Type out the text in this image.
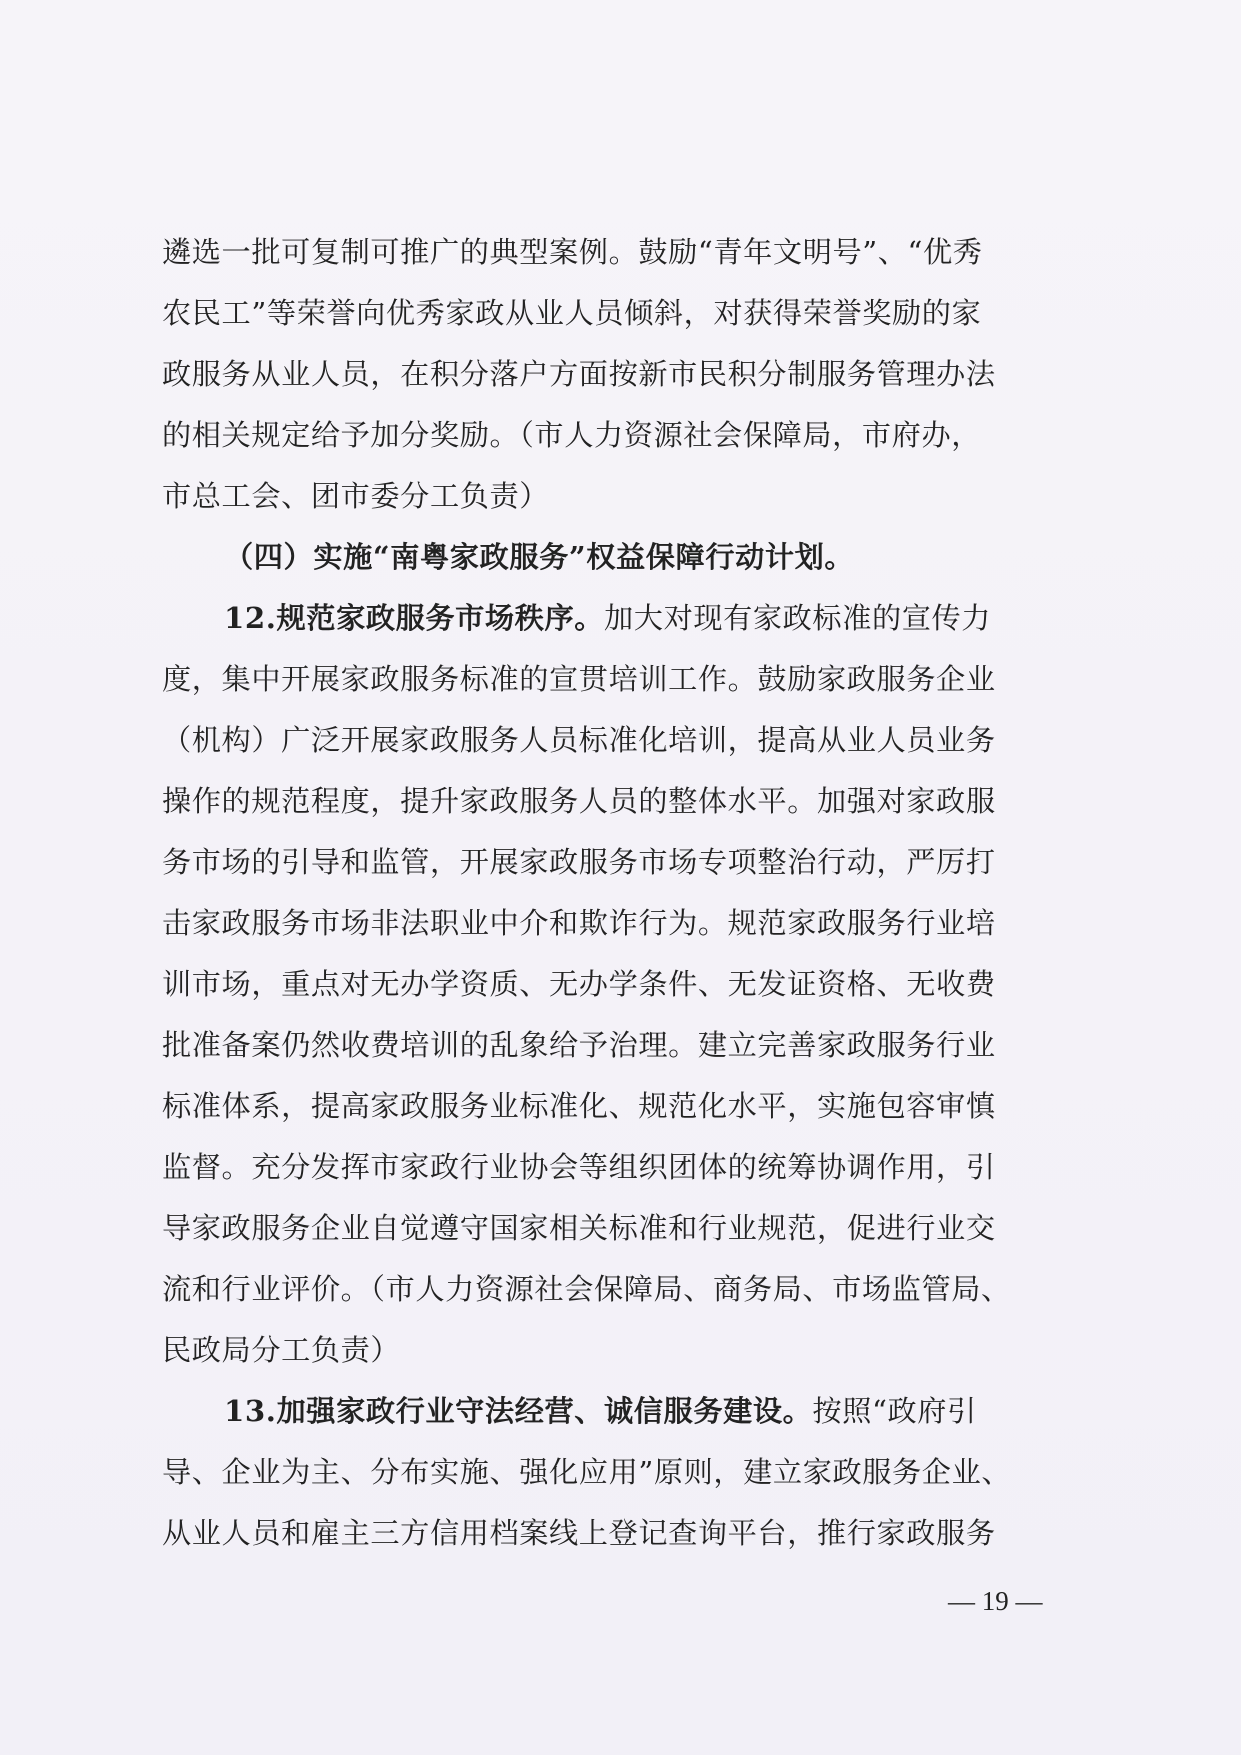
遴选一批可复制可推广的典型案例。鼓励“青年文明号”、“优秀
农民工”等荣誉向优秀家政从业人员倾斜，对获得荣誉奖励的家
政服务从业人员，在积分落户方面按新市民积分制服务管理办法
的相关规定给予加分奖励。（市人力资源社会保障局，市府办，
市总工会、团市委分工负责）
（四）实施“南粤家政服务”权益保障行动计划。
12.规范家政服务市场秩序。加大对现有家政标准的宣传力
度，集中开展家政服务标准的宣贯培训工作。鼓励家政服务企业
（机构）广泛开展家政服务人员标准化培训，提高从业人员业务
操作的规范程度，提升家政服务人员的整体水平。加强对家政服
务市场的引导和监管，开展家政服务市场专项整治行动，严厉打
击家政服务市场非法职业中介和欺诈行为。规范家政服务行业培
训市场，重点对无办学资质、无办学条件、无发证资格、无收费
批准备案仍然收费培训的乱象给予治理。建立完善家政服务行业
标准体系，提高家政服务业标准化、规范化水平，实施包容审慎
监督。充分发挥市家政行业协会等组织团体的统筹协调作用，引
导家政服务企业自觉遵守国家相关标准和行业规范，促进行业交
流和行业评价。（市人力资源社会保障局、商务局、市场监管局、
民政局分工负责）
13.加强家政行业守法经营、诚信服务建设。按照“政府引
导、企业为主、分布实施、强化应用”原则，建立家政服务企业、
从业人员和雇主三方信用档案线上登记查询平台，推行家政服务
— 19 —
